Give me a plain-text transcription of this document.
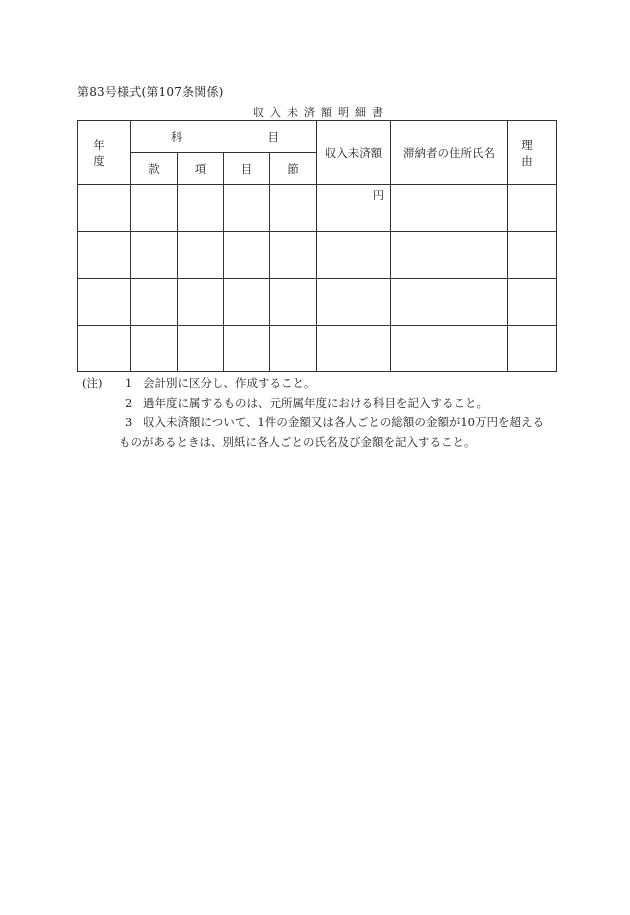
第83号様式(第107条関係)
収入未済額明細書
年 度	科 目				収入未済額	滞納者の住所氏名	理 由
	款	項	目	節			
					円		

(注) 1 会計別に区分し、作成すること。
2 過年度に属するものは、元所属年度における科目を記入すること。
3 収入未済額について、1件の金額又は各人ごとの総額の金額が10万円を超える
ものがあるときは、別紙に各人ごとの氏名及び金額を記入すること。
